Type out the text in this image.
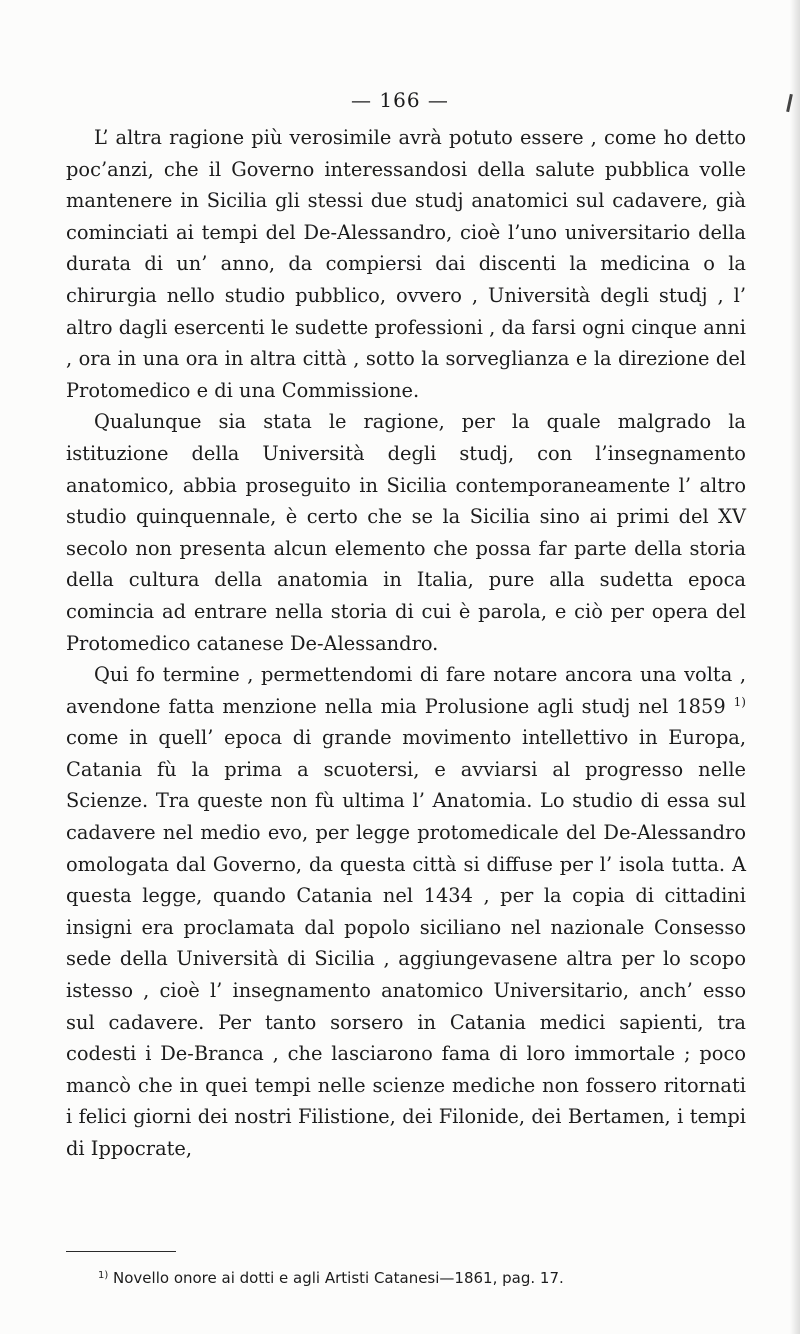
— 166 —

L’ altra ragione più verosimile avrà potuto essere , come ho detto poc’anzi, che il Governo interessandosi della salute pubblica volle mantenere in Sicilia gli stessi due studj anatomici sul cadavere, già cominciati ai tempi del De-Alessandro, cioè l’uno universitario della durata di un’ anno, da compiersi dai discenti la medicina o la chirurgia nello studio pubblico, ovvero , Università degli studj , l’ altro dagli esercenti le sudette professioni , da farsi ogni cinque anni , ora in una ora in altra città , sotto la sorveglianza e la direzione del Protomedico e di una Commissione.

Qualunque sia stata le ragione, per la quale malgrado la istituzione della Università degli studj, con l’insegnamento anatomico, abbia proseguito in Sicilia contemporaneamente l’ altro studio quinquennale, è certo che se la Sicilia sino ai primi del XV secolo non presenta alcun elemento che possa far parte della storia della cultura della anatomia in Italia, pure alla sudetta epoca comincia ad entrare nella storia di cui è parola, e ciò per opera del Protomedico catanese De-Alessandro.

Qui fo termine , permettendomi di fare notare ancora una volta , avendone fatta menzione nella mia Prolusione agli studj nel 1859 $^{1)}$ come in quell’ epoca di grande movimento intellettivo in Europa, Catania fù la prima a scuotersi, e avviarsi al progresso nelle Scienze. Tra queste non fù ultima l’ Anatomia. Lo studio di essa sul cadavere nel medio evo, per legge protomedicale del De-Alessandro omologata dal Governo, da questa città si diffuse per l’ isola tutta. A questa legge, quando Catania nel 1434 , per la copia di cittadini insigni era proclamata dal popolo siciliano nel nazionale Consesso sede della Università di Sicilia , aggiungevasene altra per lo scopo istesso , cioè l’ insegnamento anatomico Universitario, anch’ esso sul cadavere. Per tanto sorsero in Catania medici sapienti, tra codesti i De-Branca , che lasciarono fama di loro immortale ; poco mancò che in quei tempi nelle scienze mediche non fossero ritornati i felici giorni dei nostri Filistione, dei Filonide, dei Bertamen, i tempi di Ippocrate,

$^{1)}$ Novello onore ai dotti e agli Artisti Catanesi—1861, pag. 17.
